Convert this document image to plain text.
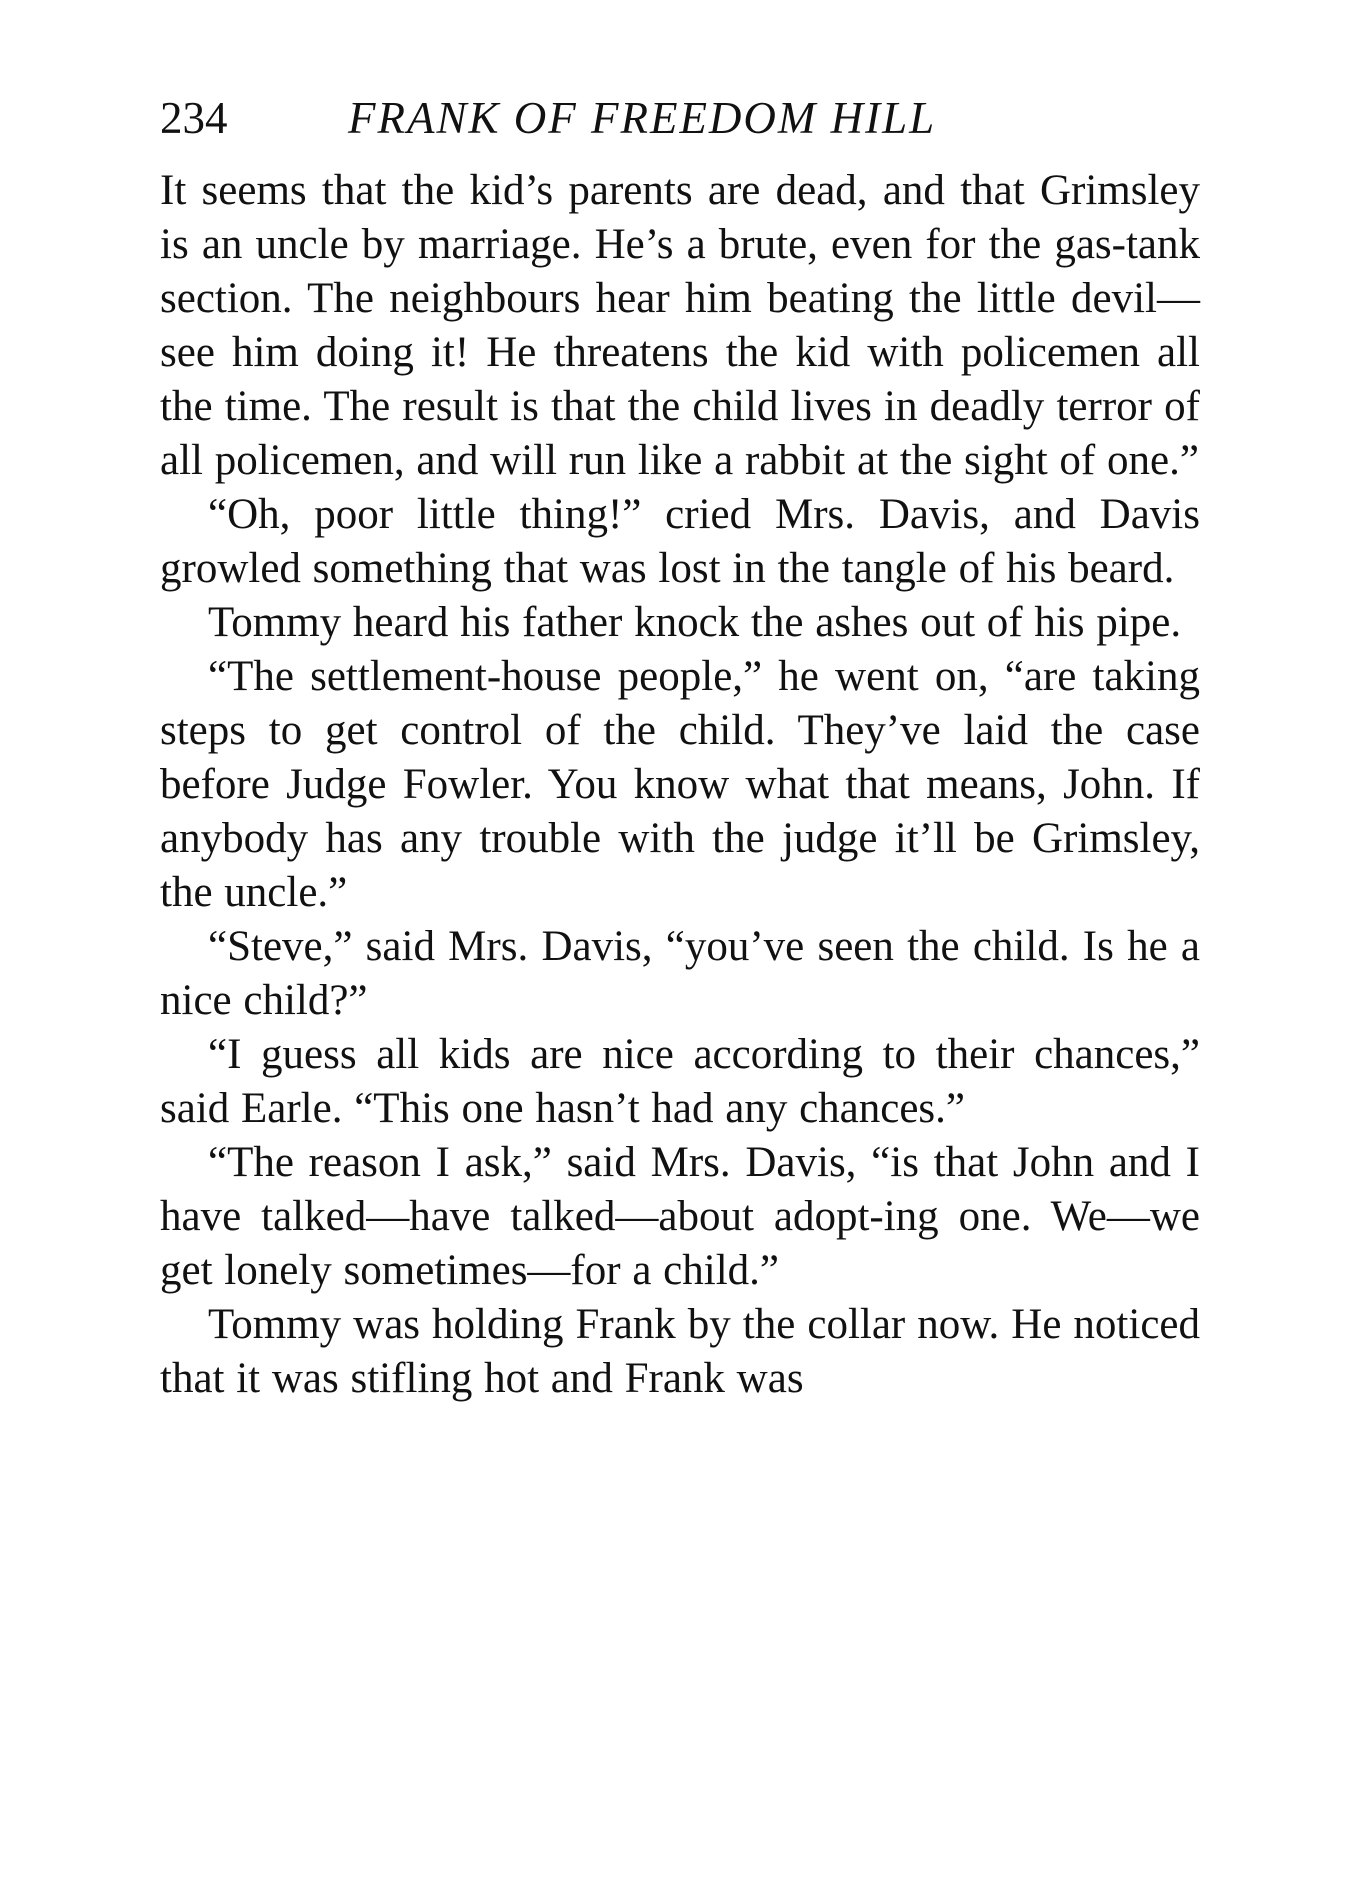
234	FRANK OF FREEDOM HILL

It seems that the kid’s parents are dead, and that Grimsley is an uncle by marriage. He’s a brute, even for the gas-tank section. The neighbours hear him beating the little devil—see him doing it! He threatens the kid with policemen all the time. The result is that the child lives in deadly terror of all policemen, and will run like a rabbit at the sight of one.”

“Oh, poor little thing!” cried Mrs. Davis, and Davis growled something that was lost in the tangle of his beard.

Tommy heard his father knock the ashes out of his pipe.

“The settlement-house people,” he went on, “are taking steps to get control of the child. They’ve laid the case before Judge Fowler. You know what that means, John. If anybody has any trouble with the judge it’ll be Grimsley, the uncle.”

“Steve,” said Mrs. Davis, “you’ve seen the child. Is he a nice child?”

“I guess all kids are nice according to their chances,” said Earle. “This one hasn’t had any chances.”

“The reason I ask,” said Mrs. Davis, “is that John and I have talked—have talked—about adopt-ing one. We—we get lonely sometimes—for a child.”

Tommy was holding Frank by the collar now. He noticed that it was stifling hot and Frank was
